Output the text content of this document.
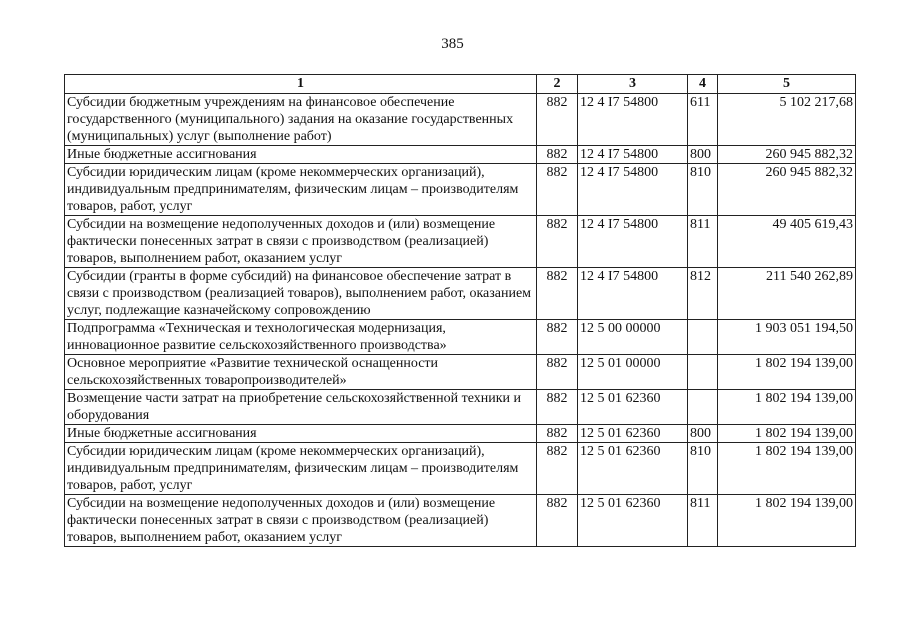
385
1	2	3	4	5
Субсидии бюджетным учреждениям на финансовое обеспечение государственного (муниципального) задания на оказание государственных (муниципальных) услуг (выполнение работ)	882	12 4 I7 54800	611	5 102 217,68
Иные бюджетные ассигнования	882	12 4 I7 54800	800	260 945 882,32
Субсидии юридическим лицам (кроме некоммерческих организаций), индивидуальным предпринимателям, физическим лицам – производителям товаров, работ, услуг	882	12 4 I7 54800	810	260 945 882,32
Субсидии на возмещение недополученных доходов и (или) возмещение фактически понесенных затрат в связи с производством (реализацией) товаров, выполнением работ, оказанием услуг	882	12 4 I7 54800	811	49 405 619,43
Субсидии (гранты в форме субсидий) на финансовое обеспечение затрат в связи с производством (реализацией товаров), выполнением работ, оказанием услуг, подлежащие казначейскому сопровождению	882	12 4 I7 54800	812	211 540 262,89
Подпрограмма «Техническая и технологическая модернизация, инновационное развитие сельскохозяйственного производства»	882	12 5 00 00000		1 903 051 194,50
Основное мероприятие «Развитие технической оснащенности сельскохозяйственных товаропроизводителей»	882	12 5 01 00000		1 802 194 139,00
Возмещение части затрат на приобретение сельскохозяйственной техники и оборудования	882	12 5 01 62360		1 802 194 139,00
Иные бюджетные ассигнования	882	12 5 01 62360	800	1 802 194 139,00
Субсидии юридическим лицам (кроме некоммерческих организаций), индивидуальным предпринимателям, физическим лицам – производителям товаров, работ, услуг	882	12 5 01 62360	810	1 802 194 139,00
Субсидии на возмещение недополученных доходов и (или) возмещение фактически понесенных затрат в связи с производством (реализацией) товаров, выполнением работ, оказанием услуг	882	12 5 01 62360	811	1 802 194 139,00
